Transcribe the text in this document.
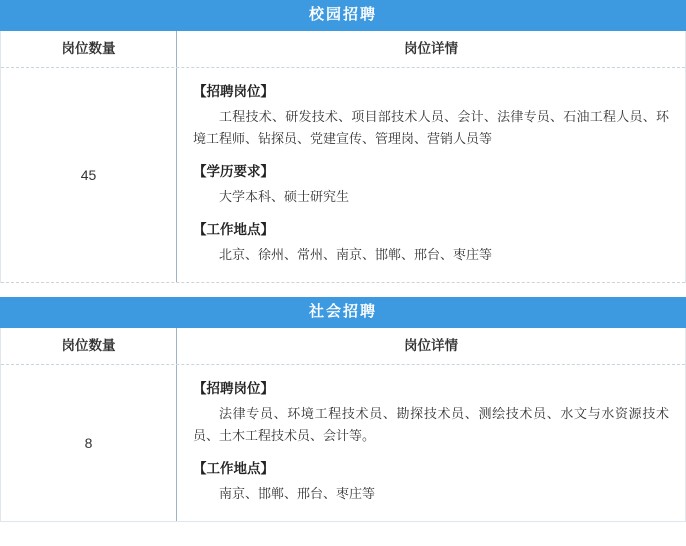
校园招聘
岗位数量	岗位详情
45
【招聘岗位】
工程技术、研发技术、项目部技术人员、会计、法律专员、石油工程人员、环境工程师、钻探员、党建宣传、管理岗、营销人员等
【学历要求】
大学本科、硕士研究生
【工作地点】
北京、徐州、常州、南京、邯郸、邢台、枣庄等
社会招聘
岗位数量	岗位详情
8
【招聘岗位】
法律专员、环境工程技术员、勘探技术员、测绘技术员、水文与水资源技术员、土木工程技术员、会计等。
【工作地点】
南京、邯郸、邢台、枣庄等
